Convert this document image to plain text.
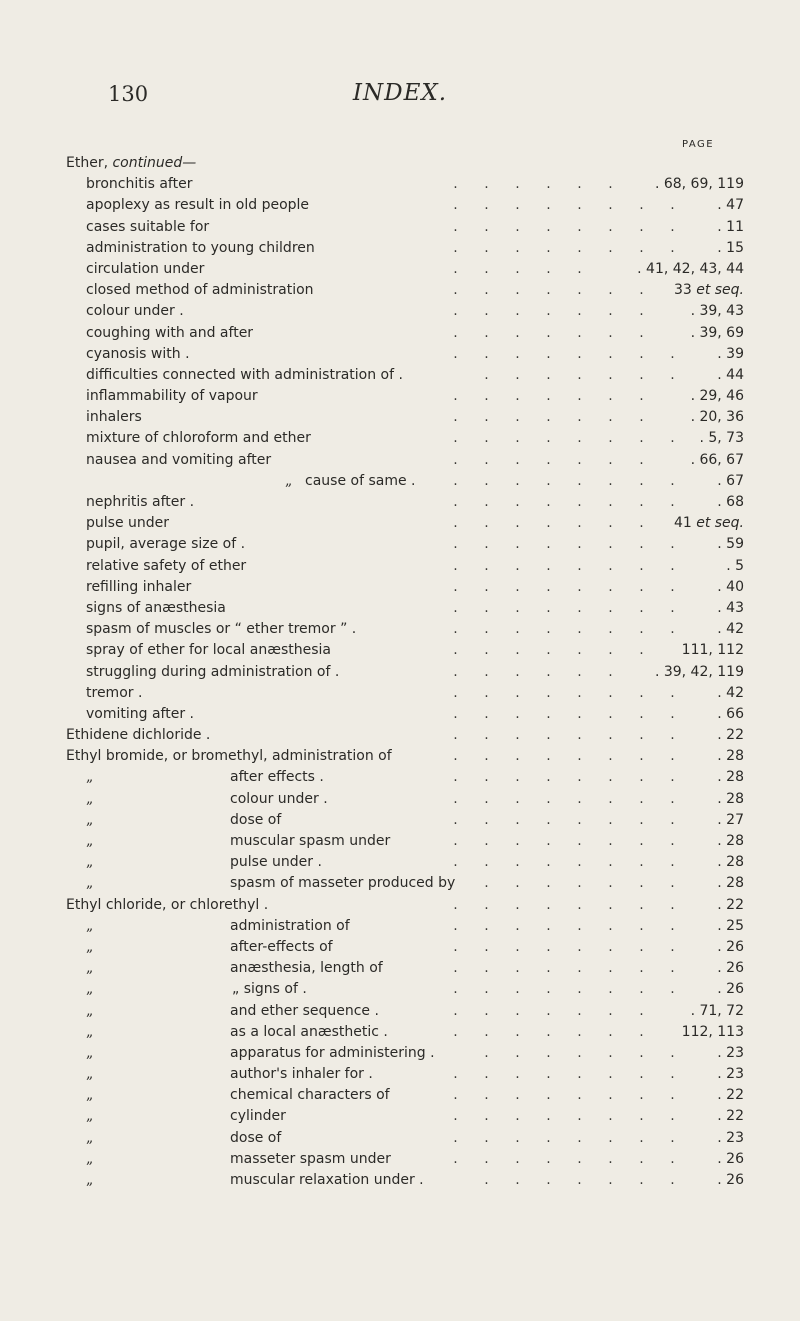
130	INDEX.
PAGE
Ether, continued—
bronchitis after	. 68, 69, 119
. . . . . .
apoplexy as result in old people	. 47
. . . . . . . .
cases suitable for	. 11
. . . . . . . .
administration to young children	. 15
. . . . . . . .
circulation under	. 41, 42, 43, 44
. . . . .
closed method of administration	33 et seq.
. . . . . . .
colour under .	. 39, 43
. . . . . . .
coughing with and after	. 39, 69
. . . . . . .
cyanosis with .	. 39
. . . . . . . .
difficulties connected with administration of .	. 44
. . . . . . .
inflammability of vapour	. 29, 46
. . . . . . .
inhalers	. 20, 36
. . . . . . .
mixture of chloroform and ether	. 5, 73
. . . . . . . .
nausea and vomiting after	. 66, 67
. . . . . . .
„ cause of same .	. 67
. . . . . . . .
nephritis after .	. 68
. . . . . . . .
pulse under	41 et seq.
. . . . . . .
pupil, average size of .	. 59
. . . . . . . .
relative safety of ether	. 5
. . . . . . . .
refilling inhaler	. 40
. . . . . . . .
signs of anæsthesia	. 43
. . . . . . . .
spasm of muscles or “ ether tremor ” .	. 42
. . . . . . . .
spray of ether for local anæsthesia	111, 112
. . . . . . .
struggling during administration of .	. 39, 42, 119
. . . . . .
tremor .	. 42
. . . . . . . .
vomiting after .	. 66
. . . . . . . .
Ethidene dichloride .	. 22
. . . . . . . .
Ethyl bromide, or bromethyl, administration of	. 28
. . . . . . . .
„	after effects .	. 28
. . . . . . . .
„	colour under .	. 28
. . . . . . . .
„	dose of	. 27
. . . . . . . .
„	muscular spasm under	. 28
. . . . . . . .
„	pulse under .	. 28
. . . . . . . .
„	spasm of masseter produced by	. 28
. . . . . . .
Ethyl chloride, or chlorethyl .	. 22
. . . . . . . .
„	administration of	. 25
. . . . . . . .
„	after-effects of	. 26
. . . . . . . .
„	anæsthesia, length of	. 26
. . . . . . . .
„	„ signs of .	. 26
. . . . . . . .
„	and ether sequence .	. 71, 72
. . . . . . .
„	as a local anæsthetic .	112, 113
. . . . . . .
„	apparatus for administering .	. 23
. . . . . . .
„	author's inhaler for .	. 23
. . . . . . . .
„	chemical characters of	. 22
. . . . . . . .
„	cylinder	. 22
. . . . . . . .
„	dose of	. 23
. . . . . . . .
„	masseter spasm under	. 26
. . . . . . . .
„	muscular relaxation under .	. 26
. . . . . . .
